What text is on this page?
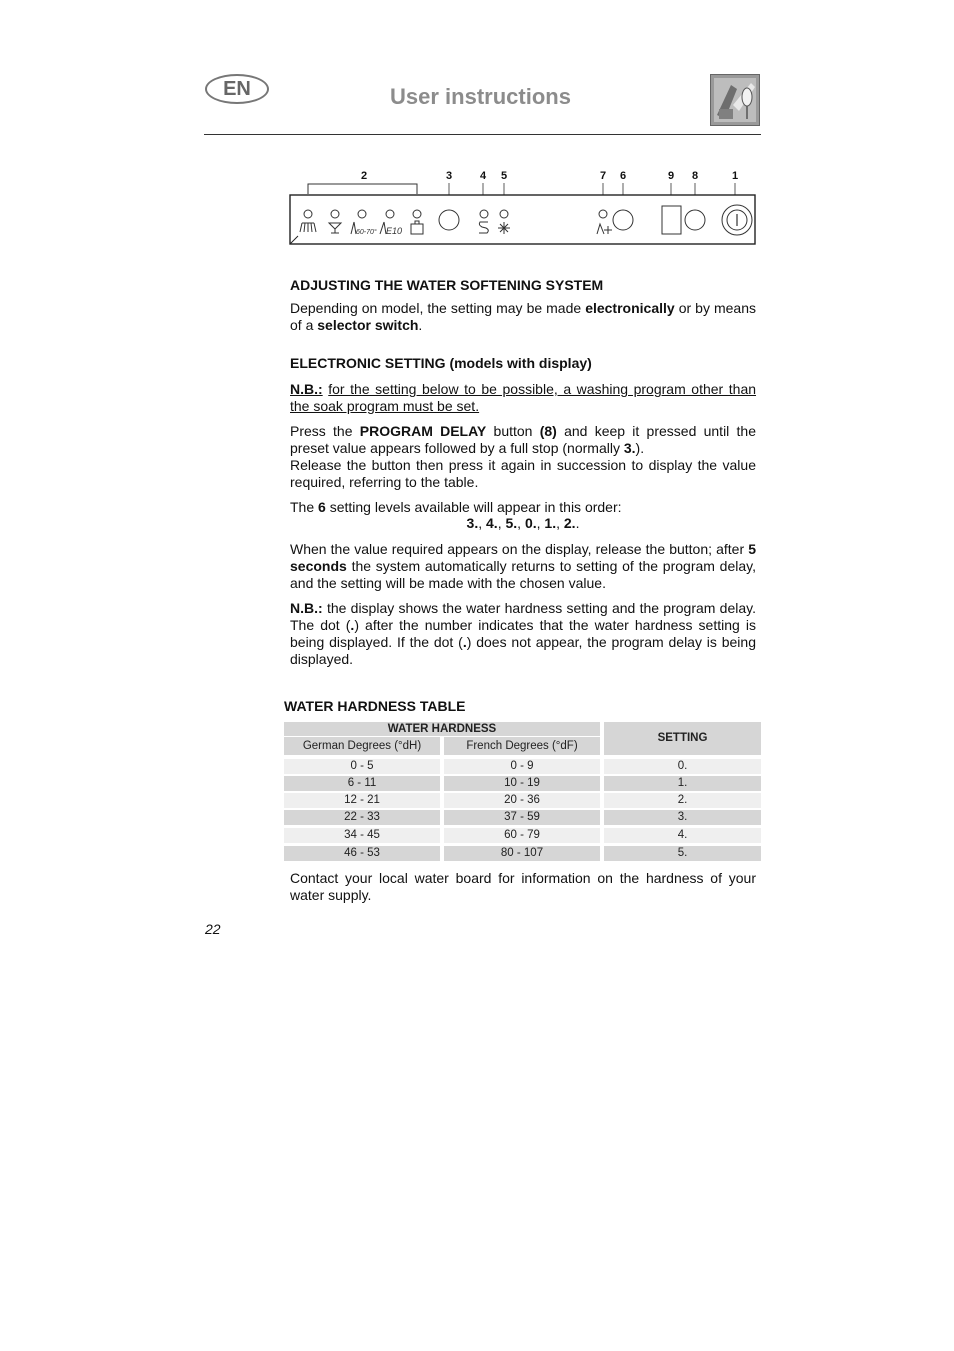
EN	User instructions
2	3	4 5	7 6	9 8	1
60-70° E10
ADJUSTING THE WATER SOFTENING SYSTEM
Depending on model, the setting may be made electronically or by means of a selector switch.
ELECTRONIC SETTING (models with display)
N.B.: for the setting below to be possible, a washing program other than the soak program must be set.
Press the PROGRAM DELAY button (8) and keep it pressed until the preset value appears followed by a full stop (normally 3.).
Release the button then press it again in succession to display the value required, referring to the table.
The 6 setting levels available will appear in this order:
3., 4., 5., 0., 1., 2..
When the value required appears on the display, release the button; after 5 seconds the system automatically returns to setting of the program delay, and the setting will be made with the chosen value.
N.B.: the display shows the water hardness setting and the program delay. The dot (.) after the number indicates that the water hardness setting is being displayed. If the dot (.) does not appear, the program delay is being displayed.
WATER HARDNESS TABLE
WATER HARDNESS
German Degrees (°dH)	French Degrees (°dF)
SETTING
0 - 5	0 - 9	0.
6 - 11	10 - 19	1.
12 - 21	20 - 36	2.
22 - 33	37 - 59	3.
34 - 45	60 - 79	4.
46 - 53	80 - 107	5.
Contact your local water board for information on the hardness of your water supply.
22
